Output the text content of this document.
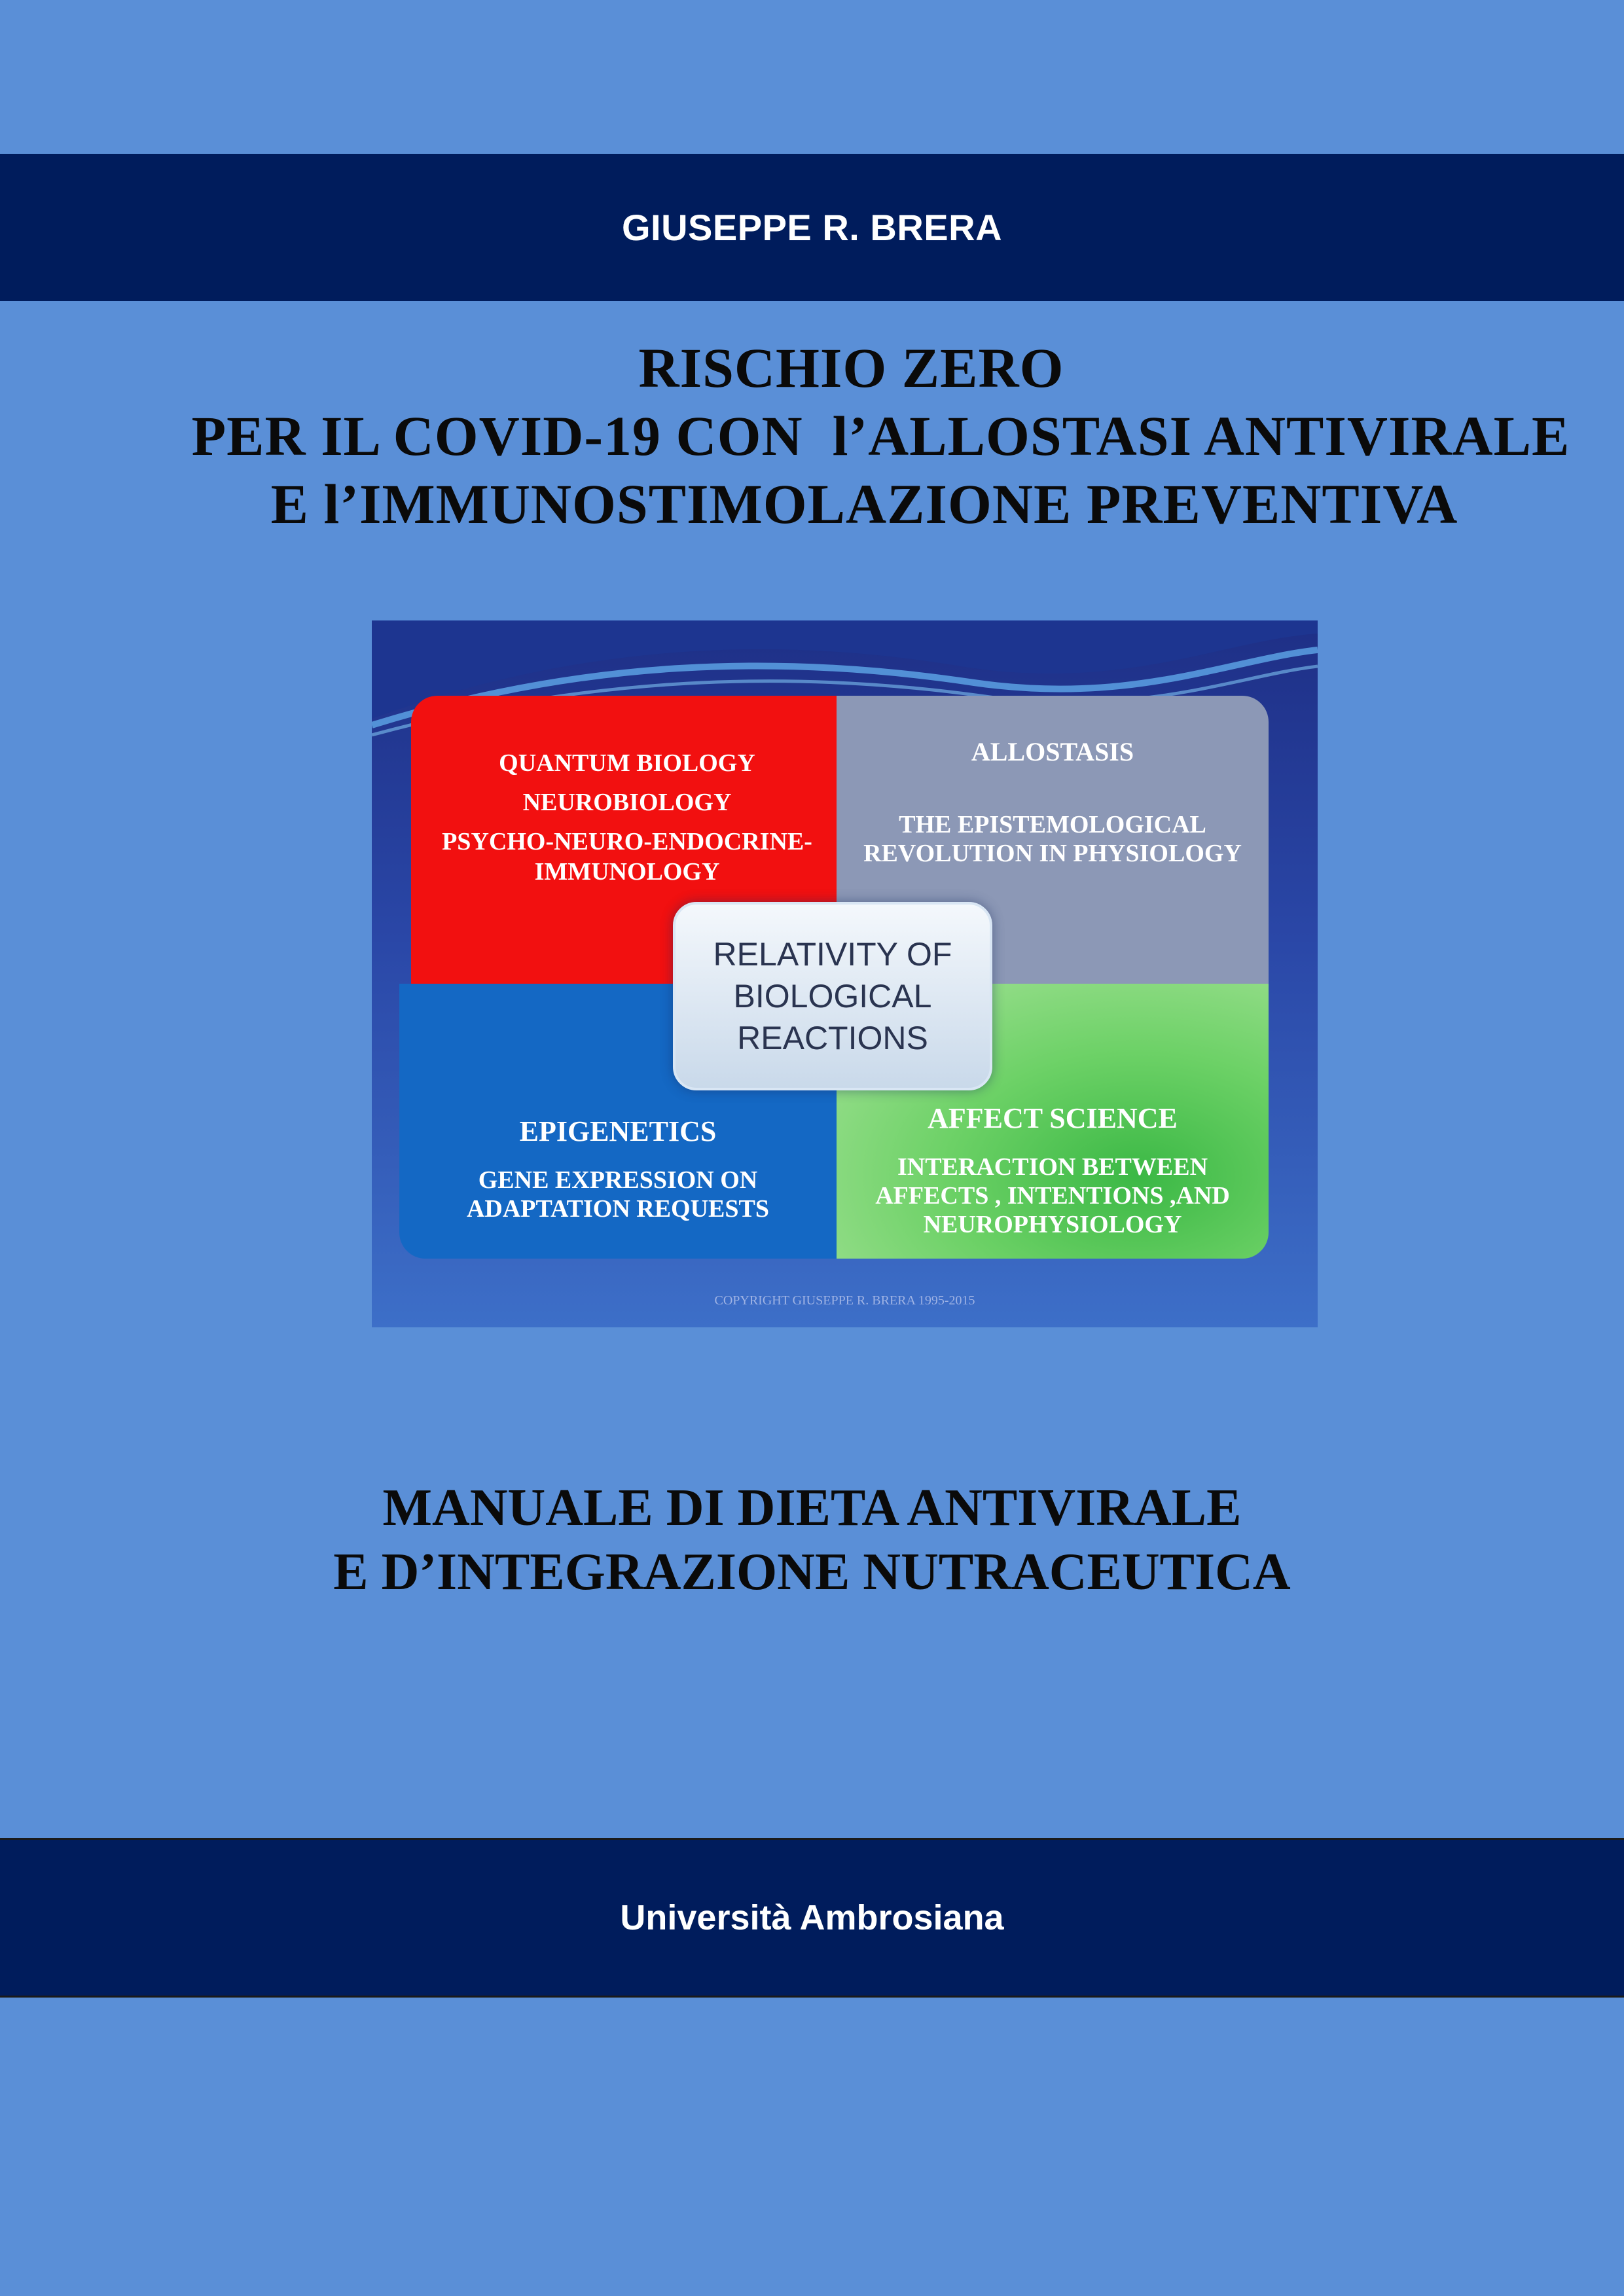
GIUSEPPE R. BRERA
RISCHIO ZERO
PER IL COVID-19 CON  l’ALLOSTASI ANTIVIRALE
E l’IMMUNOSTIMOLAZIONE PREVENTIVA
QUANTUM BIOLOGY
NEUROBIOLOGY
PSYCHO-NEURO-ENDOCRINE-
IMMUNOLOGY
ALLOSTASIS
THE EPISTEMOLOGICAL
REVOLUTION IN PHYSIOLOGY
EPIGENETICS
GENE EXPRESSION ON
ADAPTATION REQUESTS
AFFECT SCIENCE
INTERACTION BETWEEN
AFFECTS , INTENTIONS ,AND
NEUROPHYSIOLOGY
RELATIVITY OF
BIOLOGICAL
REACTIONS
COPYRIGHT GIUSEPPE R. BRERA 1995-2015
MANUALE DI DIETA ANTIVIRALE
E D’INTEGRAZIONE NUTRACEUTICA
Università Ambrosiana
